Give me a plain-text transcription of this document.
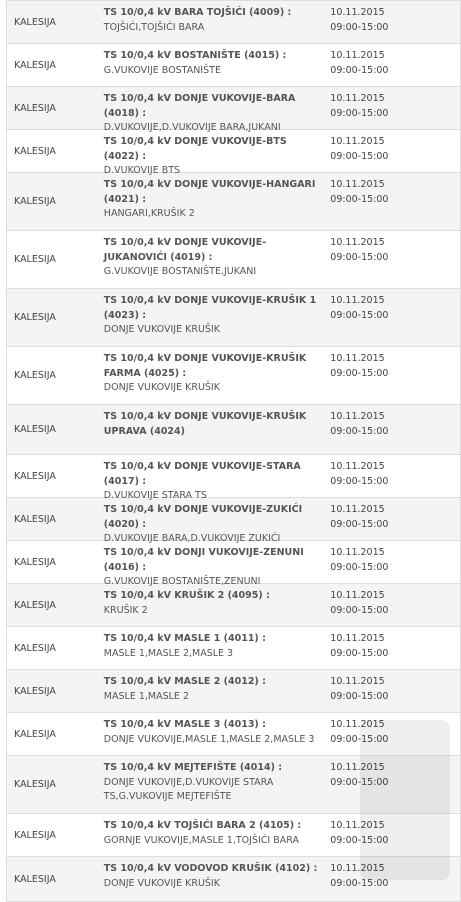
KALESIJA
TS 10/0,4 kV BARA TOJŠIĆI (4009) :
TOJŠIĆI,TOJŠIĆI BARA
10.11.2015
09:00-15:00
KALESIJA
TS 10/0,4 kV BOSTANIŠTE (4015) :
G.VUKOVIJE BOSTANIŠTE
10.11.2015
09:00-15:00
KALESIJA
TS 10/0,4 kV DONJE VUKOVIJE-BARA (4018) :
D.VUKOVIJE,D.VUKOVIJE BARA,JUKANI
10.11.2015
09:00-15:00
KALESIJA
TS 10/0,4 kV DONJE VUKOVIJE-BTS (4022) :
D.VUKOVIJE BTS
10.11.2015
09:00-15:00
KALESIJA
TS 10/0,4 kV DONJE VUKOVIJE-HANGARI (4021) :
HANGARI,KRUŠIK 2
10.11.2015
09:00-15:00
KALESIJA
TS 10/0,4 kV DONJE VUKOVIJE-JUKANOVIĆI (4019) :
G.VUKOVIJE BOSTANIŠTE,JUKANI
10.11.2015
09:00-15:00
KALESIJA
TS 10/0,4 kV DONJE VUKOVIJE-KRUŠIK 1 (4023) :
DONJE VUKOVIJE KRUŠIK
10.11.2015
09:00-15:00
KALESIJA
TS 10/0,4 kV DONJE VUKOVIJE-KRUŠIK FARMA (4025) :
DONJE VUKOVIJE KRUŠIK
10.11.2015
09:00-15:00
KALESIJA
TS 10/0,4 kV DONJE VUKOVIJE-KRUŠIK UPRAVA (4024)
10.11.2015
09:00-15:00
KALESIJA
TS 10/0,4 kV DONJE VUKOVIJE-STARA (4017) :
D.VUKOVIJE STARA TS
10.11.2015
09:00-15:00
KALESIJA
TS 10/0,4 kV DONJE VUKOVIJE-ZUKIĆI (4020) :
D.VUKOVIJE BARA,D.VUKOVIJE ZUKIĆI
10.11.2015
09:00-15:00
KALESIJA
TS 10/0,4 kV DONJI VUKOVIJE-ZENUNI (4016) :
G.VUKOVIJE BOSTANIŠTE,ZENUNI
10.11.2015
09:00-15:00
KALESIJA
TS 10/0,4 kV KRUŠIK 2 (4095) :
KRUŠIK 2
10.11.2015
09:00-15:00
KALESIJA
TS 10/0,4 kV MASLE 1 (4011) :
MASLE 1,MASLE 2,MASLE 3
10.11.2015
09:00-15:00
KALESIJA
TS 10/0,4 kV MASLE 2 (4012) :
MASLE 1,MASLE 2
10.11.2015
09:00-15:00
KALESIJA
TS 10/0,4 kV MASLE 3 (4013) :
DONJE VUKOVIJE,MASLE 1,MASLE 2,MASLE 3
10.11.2015
09:00-15:00
KALESIJA
TS 10/0,4 kV MEJTEFIŠTE (4014) :
DONJE VUKOVIJE,D.VUKOVIJE STARA TS,G.VUKOVIJE MEJTEFIŠTE
10.11.2015
09:00-15:00
KALESIJA
TS 10/0,4 kV TOJŠIĆI BARA 2 (4105) :
GORNJE VUKOVIJE,MASLE 1,TOJŠIĆI BARA
10.11.2015
09:00-15:00
KALESIJA
TS 10/0,4 kV VODOVOD KRUŠIK (4102) :
DONJE VUKOVIJE KRUŠIK
10.11.2015
09:00-15:00
